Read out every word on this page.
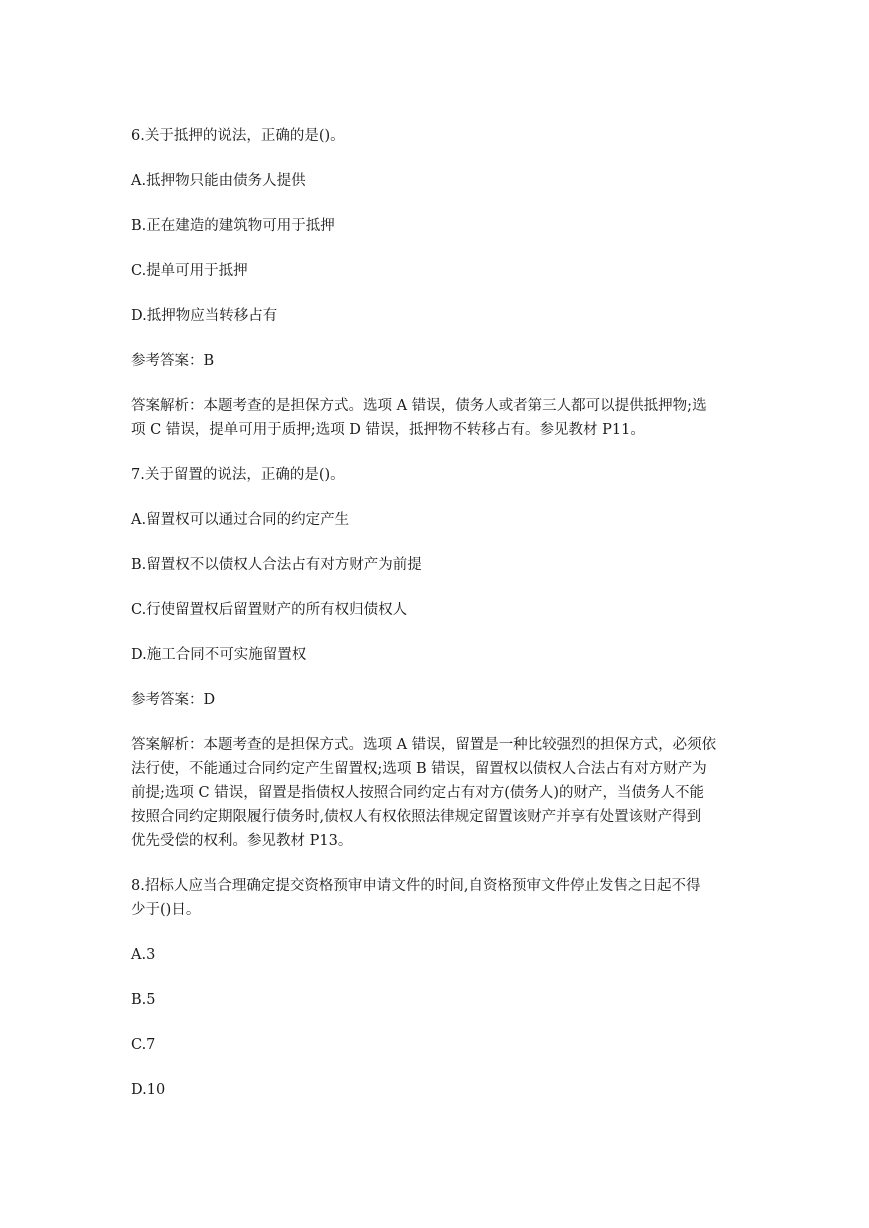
6.关于抵押的说法，正确的是()。

A.抵押物只能由债务人提供

B.正在建造的建筑物可用于抵押

C.提单可用于抵押

D.抵押物应当转移占有

参考答案：B

答案解析：本题考查的是担保方式。选项 A 错误，债务人或者第三人都可以提供抵押物;选
项 C 错误，提单可用于质押;选项 D 错误，抵押物不转移占有。参见教材 P11。

7.关于留置的说法，正确的是()。

A.留置权可以通过合同的约定产生

B.留置权不以债权人合法占有对方财产为前提

C.行使留置权后留置财产的所有权归债权人

D.施工合同不可实施留置权

参考答案：D

答案解析：本题考查的是担保方式。选项 A 错误，留置是一种比较强烈的担保方式，必须依
法行使，不能通过合同约定产生留置权;选项 B 错误，留置权以债权人合法占有对方财产为
前提;选项 C 错误，留置是指债权人按照合同约定占有对方(债务人)的财产，当债务人不能
按照合同约定期限履行债务时,债权人有权依照法律规定留置该财产并享有处置该财产得到
优先受偿的权利。参见教材 P13。
8.招标人应当合理确定提交资格预审申请文件的时间,自资格预审文件停止发售之日起不得
少于()日。

A.3

B.5

C.7

D.10
